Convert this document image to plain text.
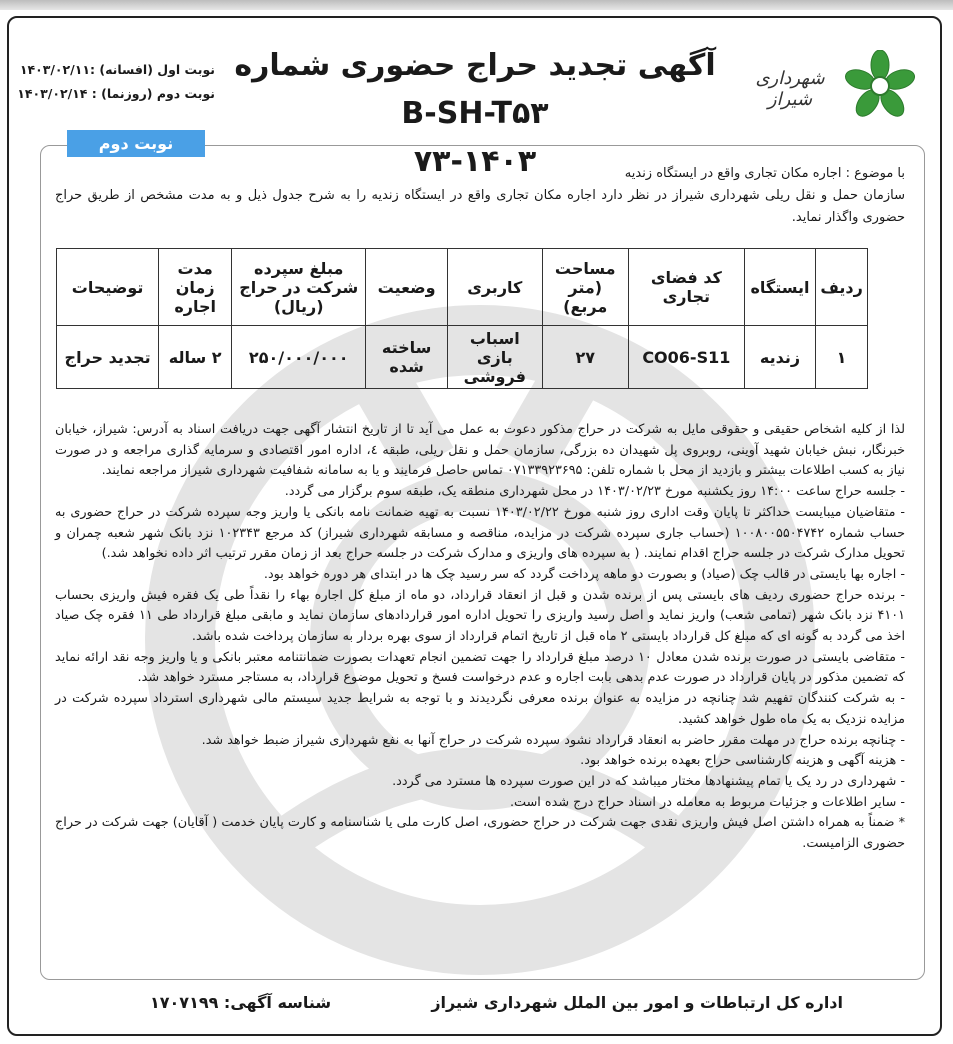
شهرداری شیراز
آگهی تجدید حراج حضوری شماره B-SH-T۵۳
۷۳-۱۴۰۳
نوبت اول (افسانه) :۱۴۰۳/۰۲/۱۱
نوبت دوم (روزنما) : ۱۴۰۳/۰۲/۱۴
نوبت دوم

با موضوع : اجاره مکان تجاری واقع در ایستگاه زندیه

سازمان حمل و نقل ریلی شهرداری شیراز در نظر دارد اجاره مکان تجاری واقع در ایستگاه زندیه را به شرح جدول ذیل و به مدت مشخص از طریق حراج حضوری واگذار نماید.

ردیف	ایستگاه	کد فضای تجاری	مساحت (متر مربع)	کاربری	وضعیت	مبلغ سپرده شرکت در حراج (ریال)	مدت زمان اجاره	توضیحات
۱	زندیه	CO06-S11	۲۷	اسباب بازی فروشی	ساخته شده	۲۵۰/۰۰۰/۰۰۰	۲ ساله	تجدید حراج

لذا از کلیه اشخاص حقیقی و حقوقی مایل به شرکت در حراج مذکور دعوت به عمل می آید تا از تاریخ انتشار آگهی جهت دریافت اسناد به آدرس: شیراز، خیابان خبرنگار، نبش خیابان شهید آوینی، روبروی پل شهیدان ده بزرگی، سازمان حمل و نقل ریلی، طبقه ٤، اداره امور اقتصادی و سرمایه گذاری مراجعه و در صورت نیاز به کسب اطلاعات بیشتر و بازدید از محل با شماره تلفن: ۰۷۱۳۳۹۲۳۶۹۵ تماس حاصل فرمایند و یا به سامانه شفافیت شهرداری شیراز مراجعه نمایند.

- جلسه حراج ساعت ۱۴:۰۰ روز یکشنبه مورخ ۱۴۰۳/۰۲/۲۳ در محل شهرداری منطقه یک، طبقه سوم برگزار می گردد.

- متقاضیان میبایست حداکثر تا پایان وقت اداری روز شنبه مورخ ۱۴۰۳/۰۲/۲۲ نسبت به تهیه ضمانت نامه بانکی یا واریز وجه سپرده شرکت در حراج حضوری به حساب شماره ۱۰۰۸۰۰۵۵۰۴۷۴۲ (حساب جاری سپرده شرکت در مزایده، مناقصه و مسابقه شهرداری شیراز) کد مرجع ۱۰۲۳۴۳ نزد بانک شهر شعبه چمران و تحویل مدارک شرکت در جلسه حراج اقدام نمایند. ( به سپرده های واریزی و مدارک شرکت در جلسه حراج بعد از زمان مقرر ترتیب اثر داده نخواهد شد.)

- اجاره بها بایستی در قالب چک (صیاد) و بصورت دو ماهه پرداخت گردد که سر رسید چک ها در ابتدای هر دوره خواهد بود.

- برنده حراج حضوری ردیف های بایستی پس از برنده شدن و قبل از انعقاد قرارداد، دو ماه از مبلغ کل اجاره بهاء را نقداً طی یک فقره فیش واریزی بحساب ۴۱۰۱ نزد بانک شهر (تمامی شعب) واریز نماید و اصل رسید واریزی را تحویل اداره امور قراردادهای سازمان نماید و مابقی مبلغ قرارداد طی ۱۱ فقره چک صیاد اخذ می گردد به گونه ای که مبلغ کل قرارداد بایستی ۲ ماه قبل از تاریخ اتمام قرارداد از سوی بهره بردار به سازمان پرداخت شده باشد.

- متقاضی بایستی در صورت برنده شدن معادل ۱۰ درصد مبلغ قرارداد را جهت تضمین انجام تعهدات بصورت ضمانتنامه معتبر بانکی و یا واریز وجه نقد ارائه نماید که تضمین مذکور در پایان قرارداد در صورت عدم بدهی بابت اجاره و عدم درخواست فسخ و تحویل موضوع قرارداد، به مستاجر مسترد خواهد شد.

- به شرکت کنندگان تفهیم شد چنانچه در مزایده به عنوان برنده معرفی نگردیدند و با توجه به شرایط جدید سیستم مالی شهرداری استرداد سپرده شرکت در مزایده نزدیک به یک ماه طول خواهد کشید.

- چنانچه برنده حراج در مهلت مقرر حاضر به انعقاد قرارداد نشود سپرده شرکت در حراج آنها به نفع شهرداری شیراز ضبط خواهد شد.

- هزینه آگهی و هزینه کارشناسی حراج بعهده برنده خواهد بود.

- شهرداری در رد یک یا تمام پیشنهادها مختار میباشد که در این صورت سپرده ها مسترد می گردد.

- سایر اطلاعات و جزئیات مربوط به معامله در اسناد حراج درج شده است.

* ضمناً به همراه داشتن اصل فیش واریزی نقدی جهت شرکت در حراج حضوری، اصل کارت ملی یا شناسنامه و کارت پایان خدمت ( آقایان) جهت شرکت در حراج حضوری الزامیست.

شناسه آگهی: ۱۷۰۷۱۹۹	اداره کل ارتباطات و امور بین الملل شهرداری شیراز
